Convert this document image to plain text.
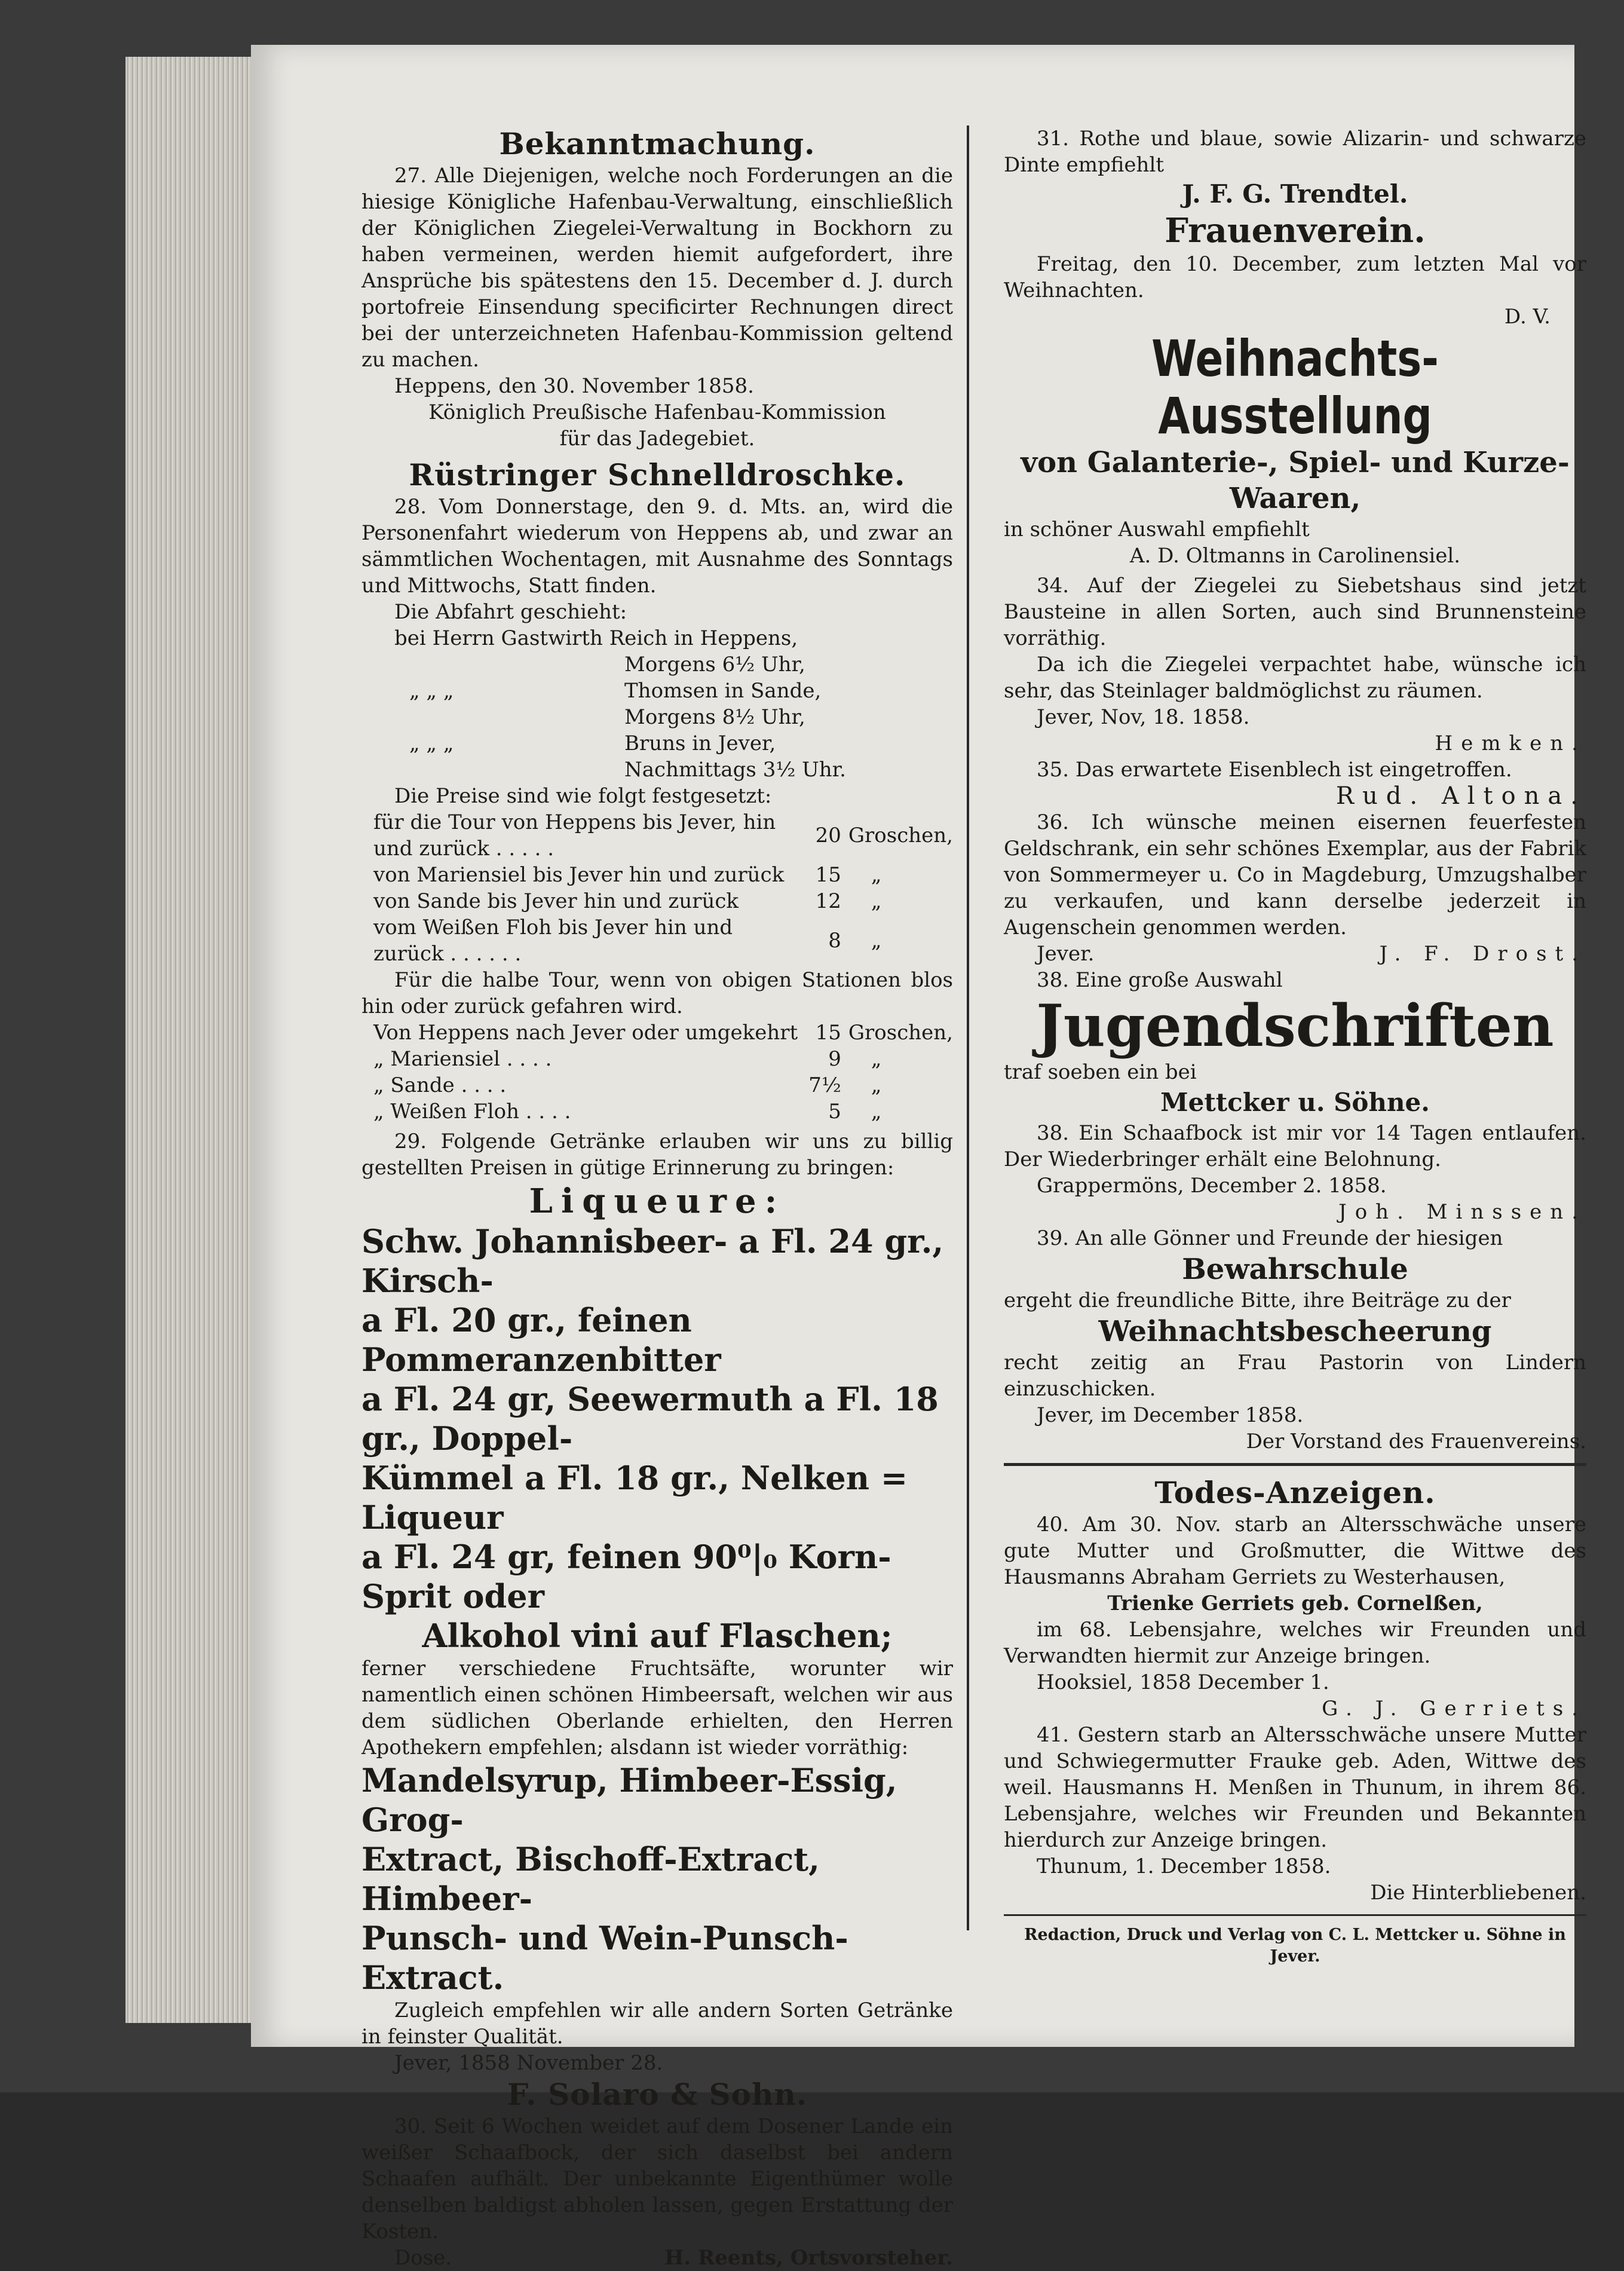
Bekanntmachung.

27. Alle Diejenigen, welche noch Forderungen an die hiesige Königliche Hafenbau-Verwaltung, einschließlich der Königlichen Ziegelei-Verwaltung in Bockhorn zu haben vermeinen, werden hiemit aufgefordert, ihre Ansprüche bis spätestens den 15. December d. J. durch portofreie Einsendung specificirter Rechnungen direct bei der unterzeichneten Hafenbau-Kommission geltend zu machen.

Heppens, den 30. November 1858.

Königlich Preußische Hafenbau-Kommission

für das Jadegebiet.

Rüstringer Schnelldroschke.

28. Vom Donnerstage, den 9. d. Mts. an, wird die Personenfahrt wiederum von Heppens ab, und zwar an sämmtlichen Wochentagen, mit Ausnahme des Sonntags und Mittwochs, Statt finden.

Die Abfahrt geschieht:

bei Herrn Gastwirth Reich in Heppens,

Morgens 6½ Uhr,

„ „ „	Thomsen in Sande,

Morgens 8½ Uhr,

„ „ „	Bruns in Jever,

Nachmittags 3½ Uhr.

Die Preise sind wie folgt festgesetzt:

für die Tour von Heppens bis Jever, hin und zurück . . . . .	20	Groschen,
von Mariensiel bis Jever hin und zurück	15	„
von Sande bis Jever hin und zurück	12	„
vom Weißen Floh bis Jever hin und zurück . . . . . .	8	„

Für die halbe Tour, wenn von obigen Stationen blos hin oder zurück gefahren wird.

Von Heppens nach Jever oder umgekehrt	15	Groschen,
„ Mariensiel . . . .	9	„
„ Sande . . . .	7½	„
„ Weißen Floh . . . .	5	„

29. Folgende Getränke erlauben wir uns zu billig gestellten Preisen in gütige Erinnerung zu bringen:

Liqueure:
Schw. Johannisbeer- a Fl. 24 gr., Kirsch-
a Fl. 20 gr., feinen Pommeranzenbitter
a Fl. 24 gr, Seewermuth a Fl. 18 gr., Doppel-
Kümmel a Fl. 18 gr., Nelken = Liqueur
a Fl. 24 gr, feinen 90⁰|₀ Korn-Sprit oder
Alkohol vini auf Flaschen;

ferner verschiedene Fruchtsäfte, worunter wir namentlich einen schönen Himbeersaft, welchen wir aus dem südlichen Oberlande erhielten, den Herren Apothekern empfehlen; alsdann ist wieder vorräthig:

Mandelsyrup, Himbeer-Essig, Grog-
Extract, Bischoff-Extract, Himbeer-
Punsch- und Wein-Punsch-Extract.

Zugleich empfehlen wir alle andern Sorten Getränke in feinster Qualität.

Jever, 1858 November 28.

F. Solaro & Sohn.

30. Seit 6 Wochen weidet auf dem Dosener Lande ein weißer Schaafbock, der sich daselbst bei andern Schaafen aufhält. Der unbekannte Eigenthümer wolle denselben baldigst abholen lassen, gegen Erstattung der Kosten.

Dose.	H. Reents, Ortsvorsteher.

31. Rothe und blaue, sowie Alizarin- und schwarze Dinte empfiehlt

J. F. G. Trendtel.

Frauenverein.

Freitag, den 10. December, zum letzten Mal vor Weihnachten.

D. V.

Weihnachts-Ausstellung
von Galanterie-, Spiel- und Kurze-
Waaren,

in schöner Auswahl empfiehlt

A. D. Oltmanns in Carolinensiel.

34. Auf der Ziegelei zu Siebetshaus sind jetzt Bausteine in allen Sorten, auch sind Brunnensteine vorräthig.

Da ich die Ziegelei verpachtet habe, wünsche ich sehr, das Steinlager baldmöglichst zu räumen.

Jever, Nov, 18. 1858.

Hemken.

35. Das erwartete Eisenblech ist eingetroffen.

Rud. Altona.

36. Ich wünsche meinen eisernen feuerfesten Geldschrank, ein sehr schönes Exemplar, aus der Fabrik von Sommermeyer u. Co in Magdeburg, Umzugshalber zu verkaufen, und kann derselbe jederzeit in Augenschein genommen werden.

Jever.	J. F. Drost.

38. Eine große Auswahl

Jugendschriften

traf soeben ein bei

Mettcker u. Söhne.

38. Ein Schaafbock ist mir vor 14 Tagen entlaufen. Der Wiederbringer erhält eine Belohnung.

Grappermöns, December 2. 1858.

Joh. Minssen.

39. An alle Gönner und Freunde der hiesigen

Bewahrschule

ergeht die freundliche Bitte, ihre Beiträge zu der

Weihnachtsbescheerung

recht zeitig an Frau Pastorin von Lindern einzuschicken.

Jever, im December 1858.

Der Vorstand des Frauenvereins.

Todes-Anzeigen.

40. Am 30. Nov. starb an Altersschwäche unsere gute Mutter und Großmutter, die Wittwe des Hausmanns Abraham Gerriets zu Westerhausen,

Trienke Gerriets geb. Cornelßen,

im 68. Lebensjahre, welches wir Freunden und Verwandten hiermit zur Anzeige bringen.

Hooksiel, 1858 December 1.

G. J. Gerriets.

41. Gestern starb an Altersschwäche unsere Mutter und Schwiegermutter Frauke geb. Aden, Wittwe des weil. Hausmanns H. Menßen in Thunum, in ihrem 86. Lebensjahre, welches wir Freunden und Bekannten hierdurch zur Anzeige bringen.

Thunum, 1. December 1858.

Die Hinterbliebenen.

Redaction, Druck und Verlag von C. L. Mettcker u. Söhne in Jever.
